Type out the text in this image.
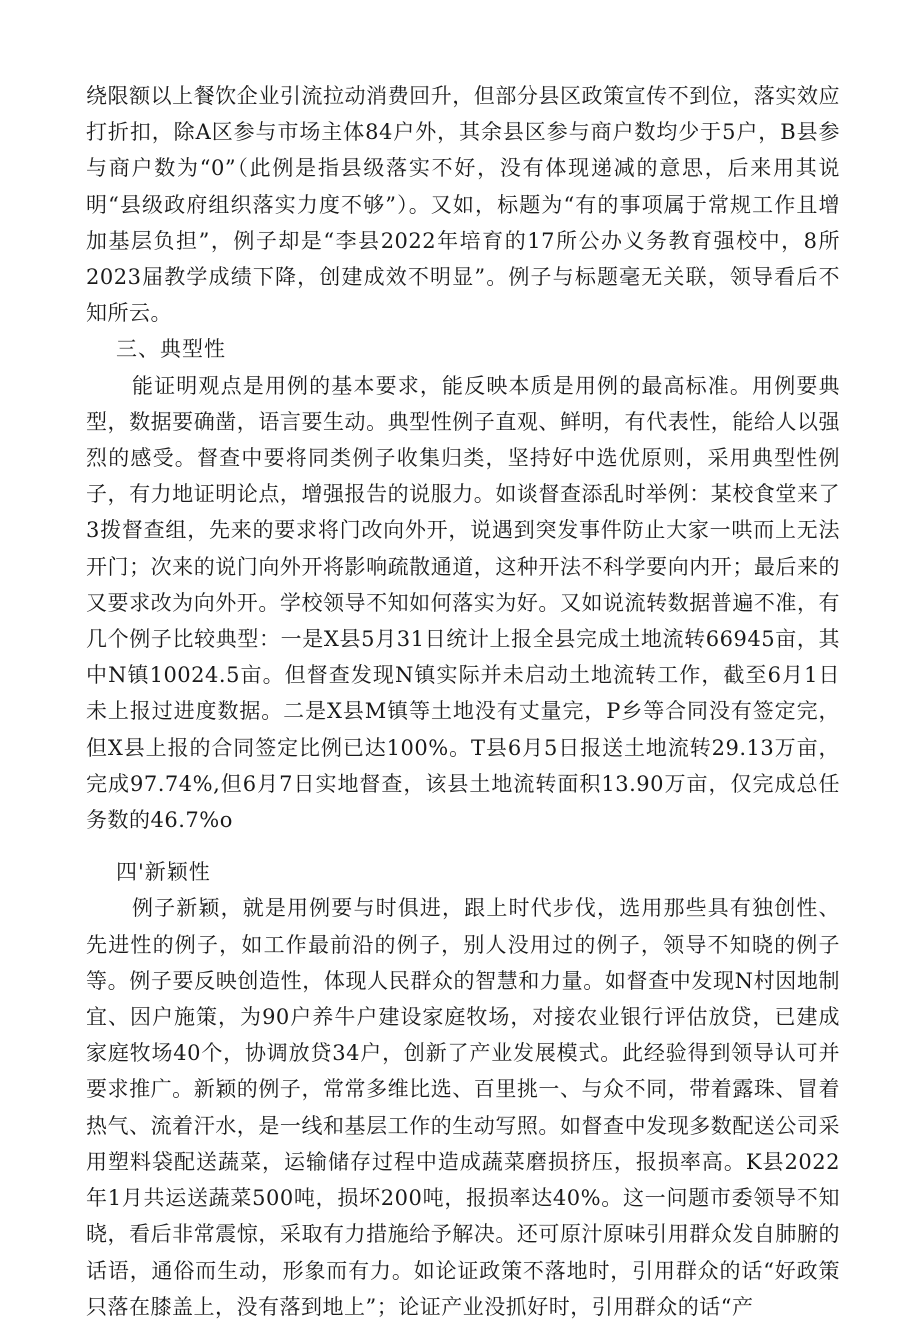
绕限额以上餐饮企业引流拉动消费回升，但部分县区政策宣传不到位，落实效应打折扣，除A区参与市场主体84户外，其余县区参与商户数均少于5户，B县参与商户数为“0”（此例是指县级落实不好，没有体现递减的意思，后来用其说明“县级政府组织落实力度不够”）。又如，标题为“有的事项属于常规工作且增加基层负担”，例子却是“李县2022年培育的17所公办义务教育强校中，8所2023届教学成绩下降，创建成效不明显”。例子与标题毫无关联，领导看后不知所云。

三、典型性

能证明观点是用例的基本要求，能反映本质是用例的最高标准。用例要典型，数据要确凿，语言要生动。典型性例子直观、鲜明，有代表性，能给人以强烈的感受。督查中要将同类例子收集归类，坚持好中选优原则，采用典型性例子，有力地证明论点，增强报告的说服力。如谈督查添乱时举例：某校食堂来了3拨督查组，先来的要求将门改向外开，说遇到突发事件防止大家一哄而上无法开门；次来的说门向外开将影响疏散通道，这种开法不科学要向内开；最后来的又要求改为向外开。学校领导不知如何落实为好。又如说流转数据普遍不准，有几个例子比较典型：一是X县5月31日统计上报全县完成土地流转66945亩，其中N镇10024.5亩。但督查发现N镇实际并未启动土地流转工作，截至6月1日未上报过进度数据。二是X县M镇等土地没有丈量完，P乡等合同没有签定完，但X县上报的合同签定比例已达100%。T县6月5日报送土地流转29.13万亩，完成97.74%,但6月7日实地督查，该县土地流转面积13.90万亩，仅完成总任务数的46.7%o

四'新颖性

例子新颖，就是用例要与时俱进，跟上时代步伐，选用那些具有独创性、先进性的例子，如工作最前沿的例子，别人没用过的例子，领导不知晓的例子等。例子要反映创造性，体现人民群众的智慧和力量。如督查中发现N村因地制宜、因户施策，为90户养牛户建设家庭牧场，对接农业银行评估放贷，已建成家庭牧场40个，协调放贷34户，创新了产业发展模式。此经验得到领导认可并要求推广。新颖的例子，常常多维比选、百里挑一、与众不同，带着露珠、冒着热气、流着汗水，是一线和基层工作的生动写照。如督查中发现多数配送公司采用塑料袋配送蔬菜，运输储存过程中造成蔬菜磨损挤压，报损率高。K县2022年1月共运送蔬菜500吨，损坏200吨，报损率达40%。这一问题市委领导不知晓，看后非常震惊，采取有力措施给予解决。还可原汁原味引用群众发自肺腑的话语，通俗而生动，形象而有力。如论证政策不落地时，引用群众的话“好政策只落在膝盖上，没有落到地上”；论证产业没抓好时，引用群众的话“产
